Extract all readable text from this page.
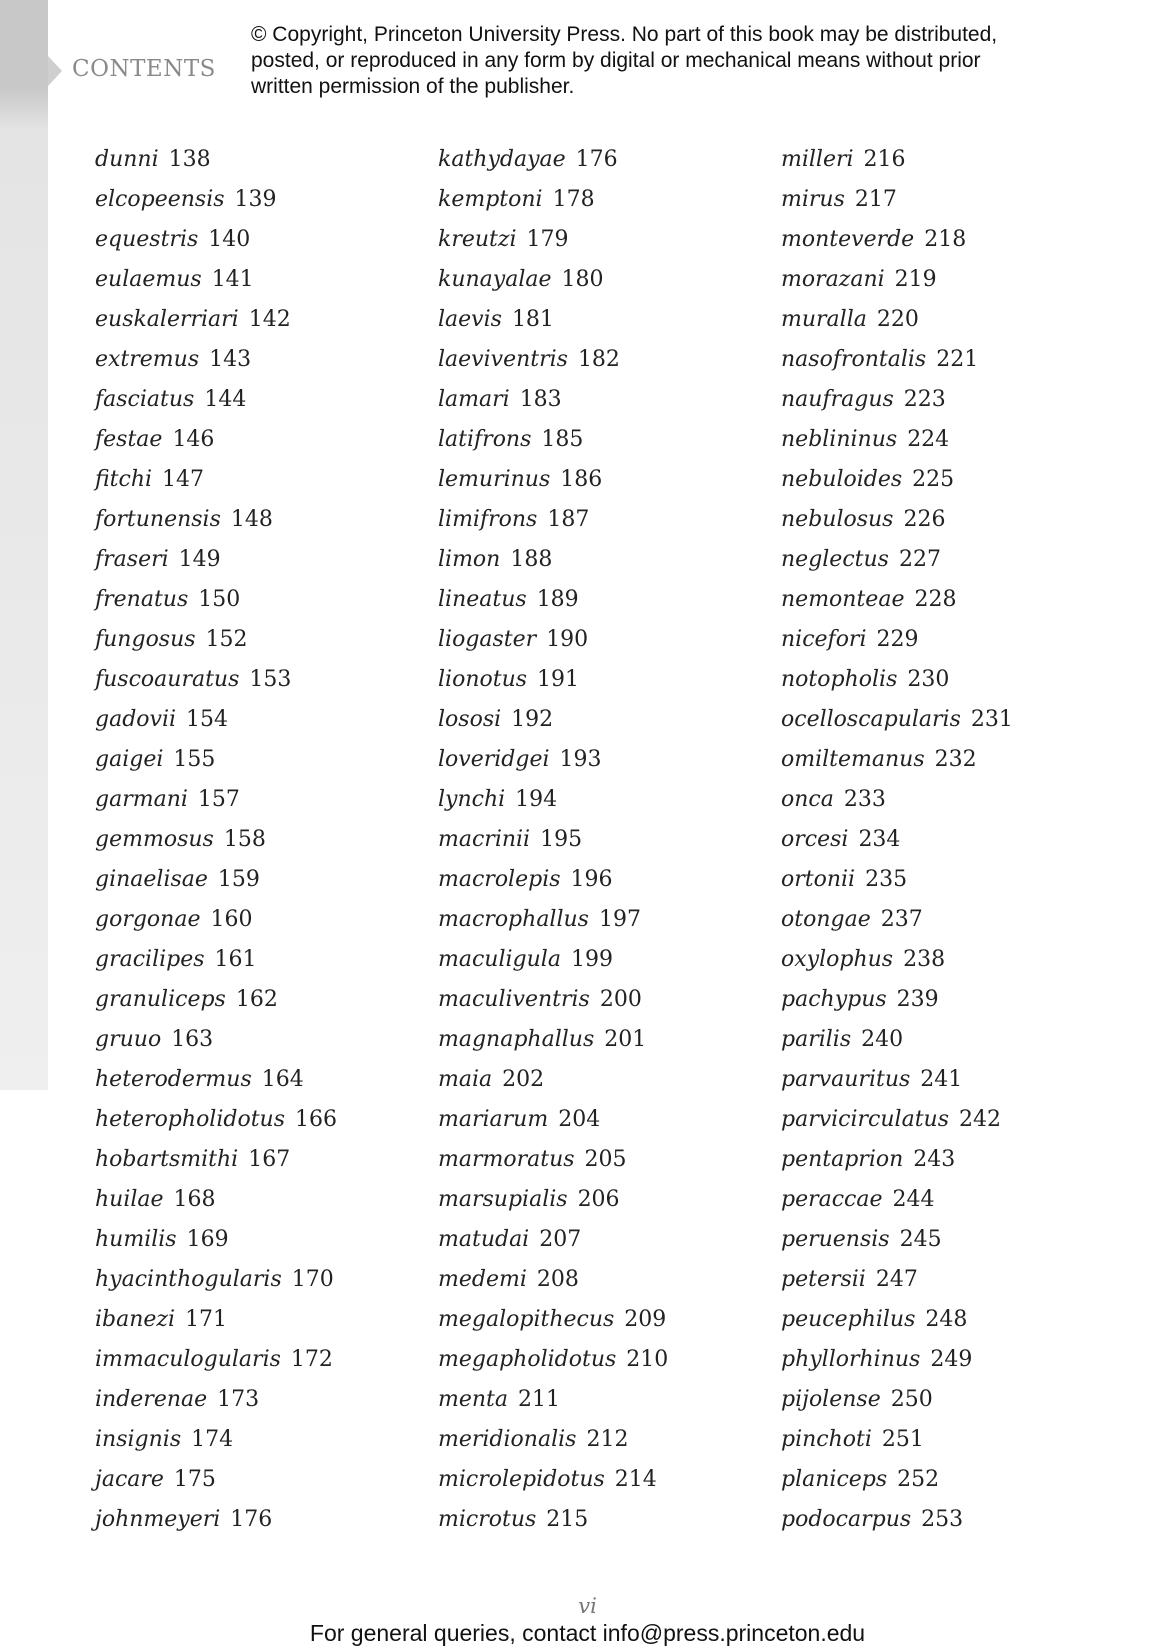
CONTENTS
© Copyright, Princeton University Press. No part of this book may be distributed, posted, or reproduced in any form by digital or mechanical means without prior written permission of the publisher.
dunni 138
elcopeensis 139
equestris 140
eulaemus 141
euskalerriari 142
extremus 143
fasciatus 144
festae 146
fitchi 147
fortunensis 148
fraseri 149
frenatus 150
fungosus 152
fuscoauratus 153
gadovii 154
gaigei 155
garmani 157
gemmosus 158
ginaelisae 159
gorgonae 160
gracilipes 161
granuliceps 162
gruuo 163
heterodermus 164
heteropholidotus 166
hobartsmithi 167
huilae 168
humilis 169
hyacinthogularis 170
ibanezi 171
immaculogularis 172
inderenae 173
insignis 174
jacare 175
johnmeyeri 176
kathydayae 176
kemptoni 178
kreutzi 179
kunayalae 180
laevis 181
laeviventris 182
lamari 183
latifrons 185
lemurinus 186
limifrons 187
limon 188
lineatus 189
liogaster 190
lionotus 191
lososi 192
loveridgei 193
lynchi 194
macrinii 195
macrolepis 196
macrophallus 197
maculigula 199
maculiventris 200
magnaphallus 201
maia 202
mariarum 204
marmoratus 205
marsupialis 206
matudai 207
medemi 208
megalopithecus 209
megapholidotus 210
menta 211
meridionalis 212
microlepidotus 214
microtus 215
milleri 216
mirus 217
monteverde 218
morazani 219
muralla 220
nasofrontalis 221
naufragus 223
neblininus 224
nebuloides 225
nebulosus 226
neglectus 227
nemonteae 228
nicefori 229
notopholis 230
ocelloscapularis 231
omiltemanus 232
onca 233
orcesi 234
ortonii 235
otongae 237
oxylophus 238
pachypus 239
parilis 240
parvauritus 241
parvicirculatus 242
pentaprion 243
peraccae 244
peruensis 245
petersii 247
peucephilus 248
phyllorhinus 249
pijolense 250
pinchoti 251
planiceps 252
podocarpus 253
vi
For general queries, contact info@press.princeton.edu
